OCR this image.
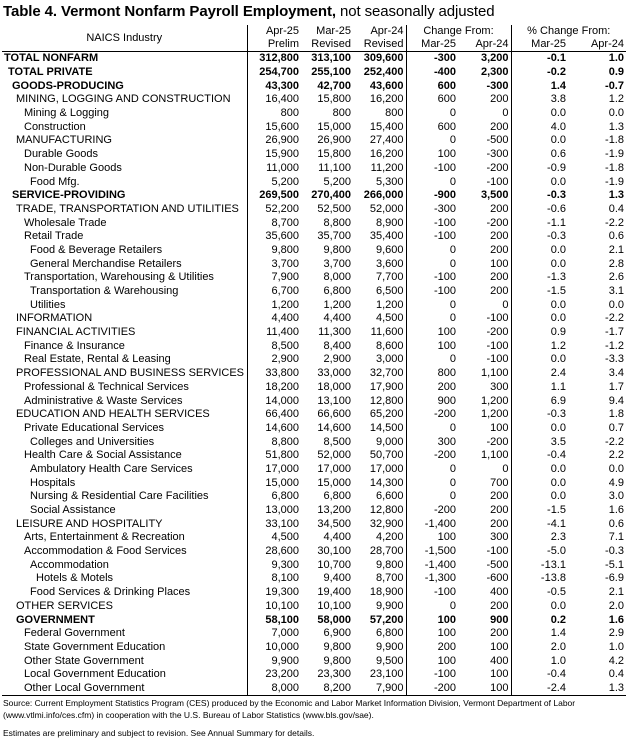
Table 4. Vermont Nonfarm Payroll Employment, not seasonally adjusted
NAICS Industry	Apr-25	Mar-25	Apr-24	Change From:		% Change From:	
	Prelim	Revised	Revised	Mar-25	Apr-24	Mar-25	Apr-24
TOTAL NONFARM	312,800	313,100	309,600	-300	3,200	-0.1	1.0
TOTAL PRIVATE	254,700	255,100	252,400	-400	2,300	-0.2	0.9
GOODS-PRODUCING	43,300	42,700	43,600	600	-300	1.4	-0.7
MINING, LOGGING AND CONSTRUCTION	16,400	15,800	16,200	600	200	3.8	1.2
Mining & Logging	800	800	800	0	0	0.0	0.0
Construction	15,600	15,000	15,400	600	200	4.0	1.3
MANUFACTURING	26,900	26,900	27,400	0	-500	0.0	-1.8
Durable Goods	15,900	15,800	16,200	100	-300	0.6	-1.9
Non-Durable Goods	11,000	11,100	11,200	-100	-200	-0.9	-1.8
Food Mfg.	5,200	5,200	5,300	0	-100	0.0	-1.9
SERVICE-PROVIDING	269,500	270,400	266,000	-900	3,500	-0.3	1.3
TRADE, TRANSPORTATION AND UTILITIES	52,200	52,500	52,000	-300	200	-0.6	0.4
Wholesale Trade	8,700	8,800	8,900	-100	-200	-1.1	-2.2
Retail Trade	35,600	35,700	35,400	-100	200	-0.3	0.6
Food & Beverage Retailers	9,800	9,800	9,600	0	200	0.0	2.1
General Merchandise Retailers	3,700	3,700	3,600	0	100	0.0	2.8
Transportation, Warehousing & Utilities	7,900	8,000	7,700	-100	200	-1.3	2.6
Transportation & Warehousing	6,700	6,800	6,500	-100	200	-1.5	3.1
Utilities	1,200	1,200	1,200	0	0	0.0	0.0
INFORMATION	4,400	4,400	4,500	0	-100	0.0	-2.2
FINANCIAL ACTIVITIES	11,400	11,300	11,600	100	-200	0.9	-1.7
Finance & Insurance	8,500	8,400	8,600	100	-100	1.2	-1.2
Real Estate, Rental & Leasing	2,900	2,900	3,000	0	-100	0.0	-3.3
PROFESSIONAL AND BUSINESS SERVICES	33,800	33,000	32,700	800	1,100	2.4	3.4
Professional & Technical Services	18,200	18,000	17,900	200	300	1.1	1.7
Administrative & Waste Services	14,000	13,100	12,800	900	1,200	6.9	9.4
EDUCATION AND HEALTH SERVICES	66,400	66,600	65,200	-200	1,200	-0.3	1.8
Private Educational Services	14,600	14,600	14,500	0	100	0.0	0.7
Colleges and Universities	8,800	8,500	9,000	300	-200	3.5	-2.2
Health Care & Social Assistance	51,800	52,000	50,700	-200	1,100	-0.4	2.2
Ambulatory Health Care Services	17,000	17,000	17,000	0	0	0.0	0.0
Hospitals	15,000	15,000	14,300	0	700	0.0	4.9
Nursing & Residential Care Facilities	6,800	6,800	6,600	0	200	0.0	3.0
Social Assistance	13,000	13,200	12,800	-200	200	-1.5	1.6
LEISURE AND HOSPITALITY	33,100	34,500	32,900	-1,400	200	-4.1	0.6
Arts, Entertainment & Recreation	4,500	4,400	4,200	100	300	2.3	7.1
Accommodation & Food Services	28,600	30,100	28,700	-1,500	-100	-5.0	-0.3
Accommodation	9,300	10,700	9,800	-1,400	-500	-13.1	-5.1
Hotels & Motels	8,100	9,400	8,700	-1,300	-600	-13.8	-6.9
Food Services & Drinking Places	19,300	19,400	18,900	-100	400	-0.5	2.1
OTHER SERVICES	10,100	10,100	9,900	0	200	0.0	2.0
GOVERNMENT	58,100	58,000	57,200	100	900	0.2	1.6
Federal Government	7,000	6,900	6,800	100	200	1.4	2.9
State Government Education	10,000	9,800	9,900	200	100	2.0	1.0
Other State Government	9,900	9,800	9,500	100	400	1.0	4.2
Local Government Education	23,200	23,300	23,100	-100	100	-0.4	0.4
Other Local Government	8,000	8,200	7,900	-200	100	-2.4	1.3
Source: Current Employment Statistics Program (CES) produced by the Economic and Labor Market Information Division, Vermont Department of Labor
(www.vtlmi.info/ces.cfm) in cooperation with the U.S. Bureau of Labor Statistics (www.bls.gov/sae).
Estimates are preliminary and subject to revision. See Annual Summary for details.
